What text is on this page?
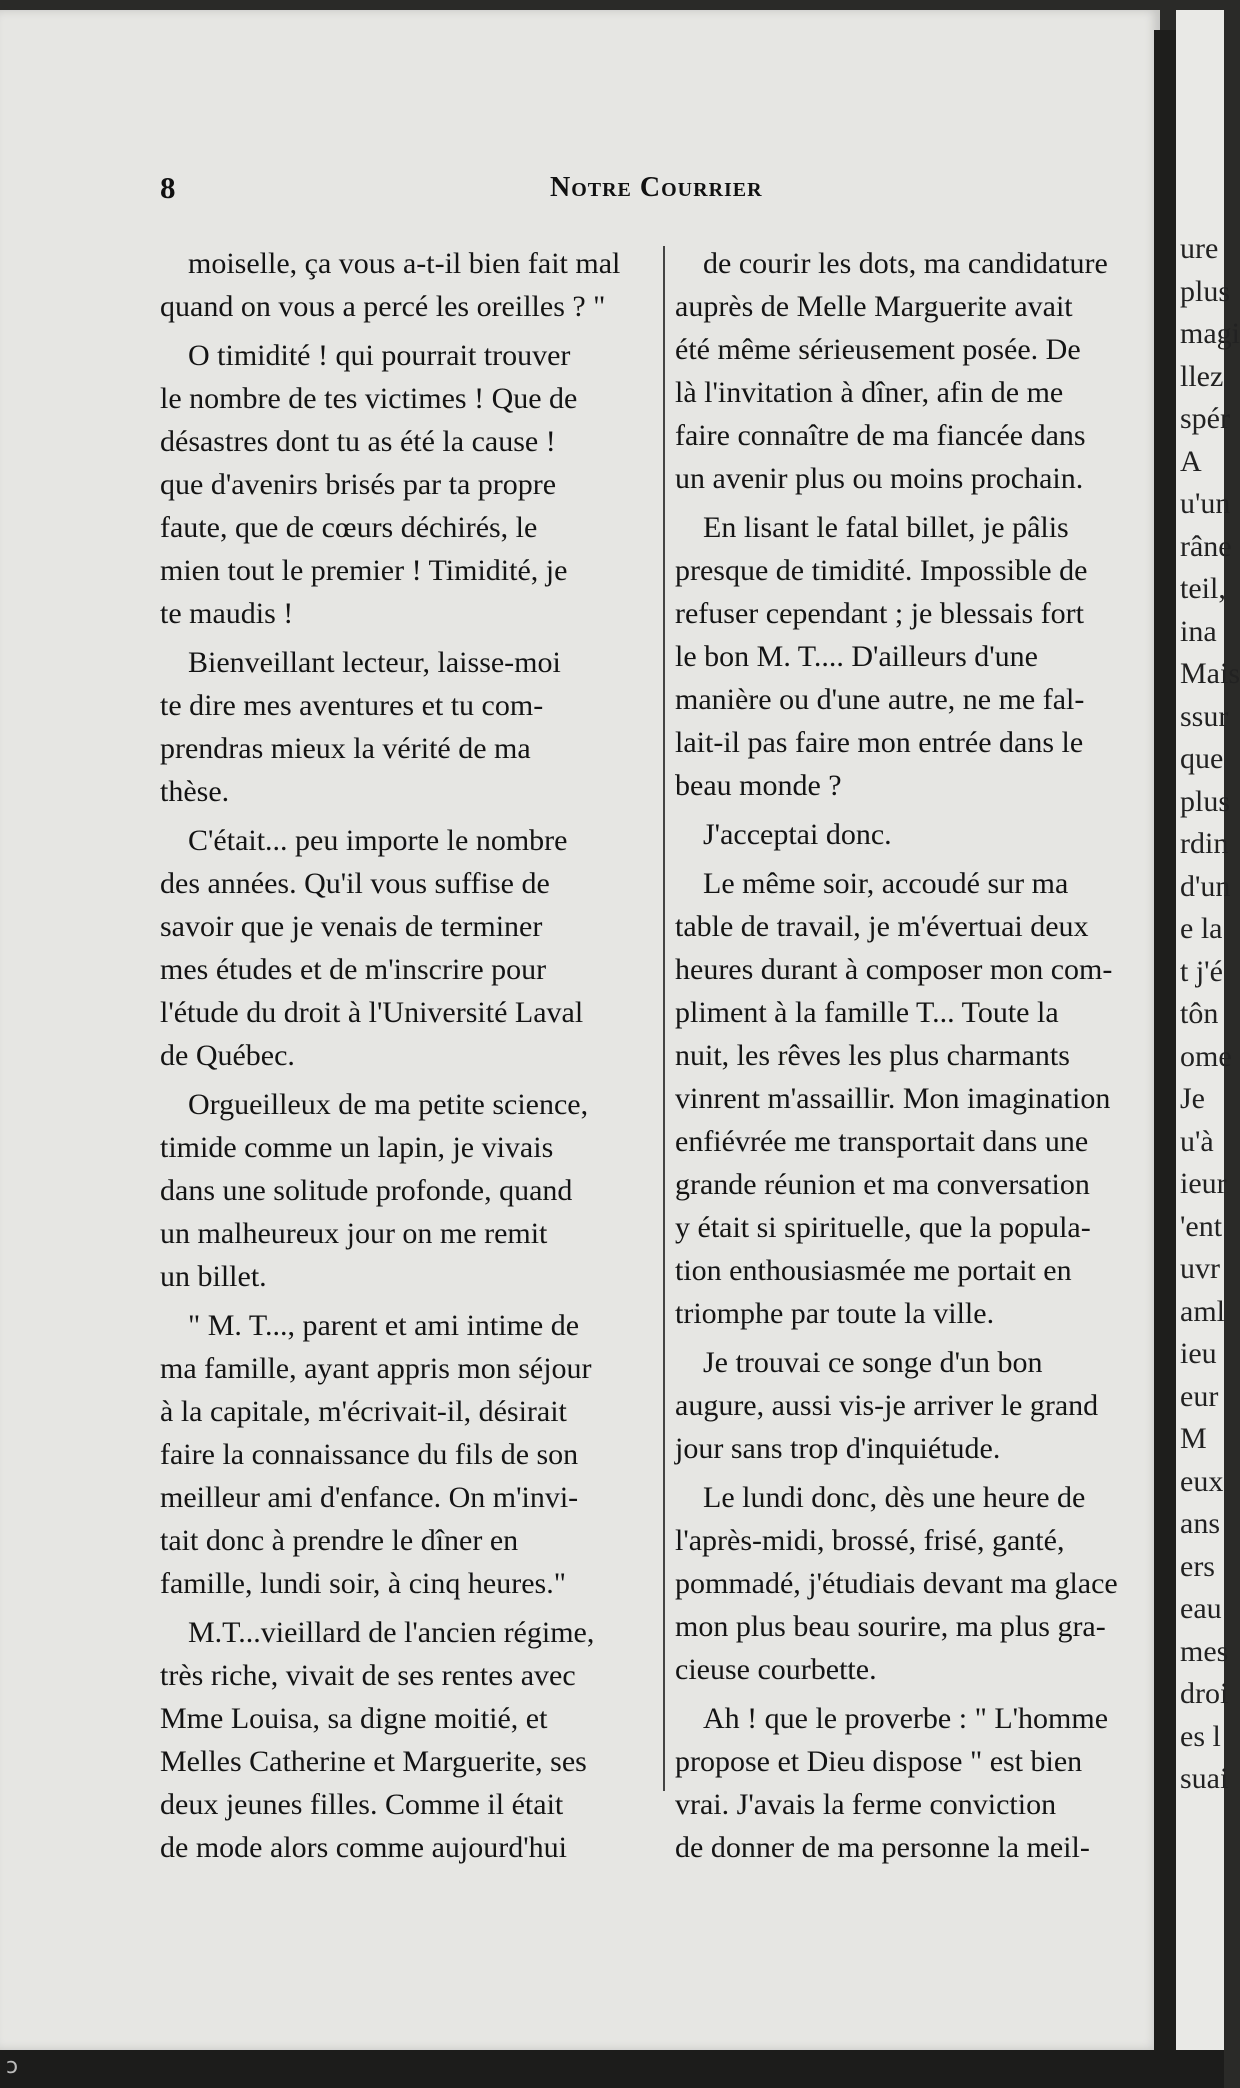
8	Notre Courrier

moiselle, ça vous a-t-il bien fait mal
quand on vous a percé les oreilles ? "

O timidité ! qui pourrait trouver
le nombre de tes victimes ! Que de
désastres dont tu as été la cause !
que d'avenirs brisés par ta propre
faute, que de cœurs déchirés, le
mien tout le premier ! Timidité, je
te maudis !

Bienveillant lecteur, laisse-moi
te dire mes aventures et tu com-
prendras mieux la vérité de ma
thèse.

C'était... peu importe le nombre
des années. Qu'il vous suffise de
savoir que je venais de terminer
mes études et de m'inscrire pour
l'étude du droit à l'Université Laval
de Québec.

Orgueilleux de ma petite science,
timide comme un lapin, je vivais
dans une solitude profonde, quand
un malheureux jour on me remit
un billet.

" M. T..., parent et ami intime de
ma famille, ayant appris mon séjour
à la capitale, m'écrivait-il, désirait
faire la connaissance du fils de son
meilleur ami d'enfance. On m'invi-
tait donc à prendre le dîner en
famille, lundi soir, à cinq heures."

M.T...vieillard de l'ancien régime,
très riche, vivait de ses rentes avec
Mme Louisa, sa digne moitié, et
Melles Catherine et Marguerite, ses
deux jeunes filles. Comme il était
de mode alors comme aujourd'hui

de courir les dots, ma candidature
auprès de Melle Marguerite avait
été même sérieusement posée. De
là l'invitation à dîner, afin de me
faire connaître de ma fiancée dans
un avenir plus ou moins prochain.

En lisant le fatal billet, je pâlis
presque de timidité. Impossible de
refuser cependant ; je blessais fort
le bon M. T.... D'ailleurs d'une
manière ou d'une autre, ne me fal-
lait-il pas faire mon entrée dans le
beau monde ?

J'acceptai donc.

Le même soir, accoudé sur ma
table de travail, je m'évertuai deux
heures durant à composer mon com-
pliment à la famille T... Toute la
nuit, les rêves les plus charmants
vinrent m'assaillir. Mon imagination
enfiévrée me transportait dans une
grande réunion et ma conversation
y était si spirituelle, que la popula-
tion enthousiasmée me portait en
triomphe par toute la ville.

Je trouvai ce songe d'un bon
augure, aussi vis-je arriver le grand
jour sans trop d'inquiétude.

Le lundi donc, dès une heure de
l'après-midi, brossé, frisé, ganté,
pommadé, j'étudiais devant ma glace
mon plus beau sourire, ma plus gra-
cieuse courbette.

Ah ! que le proverbe : " L'homme
propose et Dieu dispose " est bien
vrai. J'avais la ferme conviction
de donner de ma personne la meil-

ure
plus
magi
llez
spér
A
u'un
râne
teil,
ina
Mais
ssur
que
plus
rdin
d'un
e la
t j'é
tôn
ome
Je
u'à
ieur
'ent
uvr
aml
ieu
eur
M
eux
ans
ers
eau
mes
droi
es l
suai
ↄ
